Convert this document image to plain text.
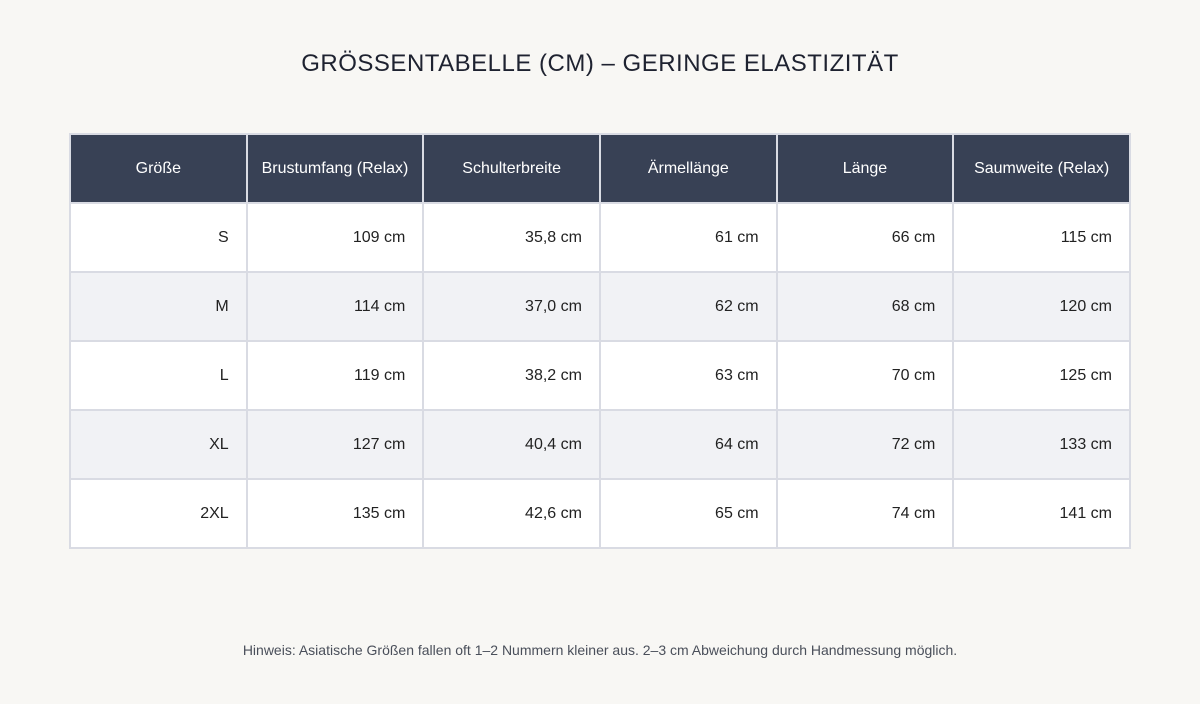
GRÖSSENTABELLE (CM) – GERINGE ELASTIZITÄT
Größe	Brustumfang (Relax)	Schulterbreite	Ärmellänge	Länge	Saumweite (Relax)
S	109 cm	35,8 cm	61 cm	66 cm	115 cm
M	114 cm	37,0 cm	62 cm	68 cm	120 cm
L	119 cm	38,2 cm	63 cm	70 cm	125 cm
XL	127 cm	40,4 cm	64 cm	72 cm	133 cm
2XL	135 cm	42,6 cm	65 cm	74 cm	141 cm
Hinweis: Asiatische Größen fallen oft 1–2 Nummern kleiner aus. 2–3 cm Abweichung durch Handmessung möglich.
